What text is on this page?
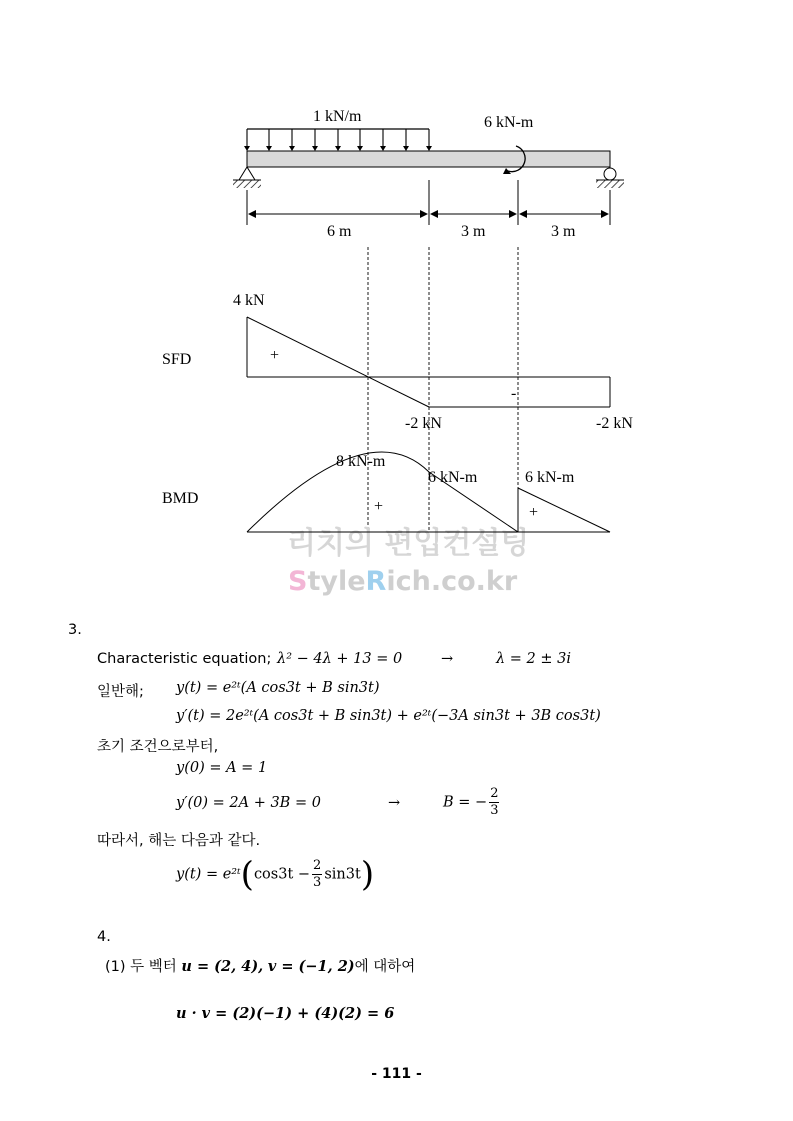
1 kN/m	6 kN-m
6 m	3 m	3 m
SFD
4 kN
+
-
-2 kN	-2 kN
리치의 편입컨설팅
StyleRich.co.kr
BMD
8 kN-m
6 kN-m	6 kN-m
+	+
3.
Characteristic equation; λ² − 4λ + 13 = 0	→	λ = 2 ± 3i
일반해; y(t) = e²ᵗ(A cos3t + B sin3t)
y′(t) = 2e²ᵗ(A cos3t + B sin3t) + e²ᵗ(−3A sin3t + 3B cos3t)
초기 조건으로부터,
y(0) = A = 1
y′(0) = 2A + 3B = 0	→	B = − $\frac{2}{3}$
따라서, 해는 다음과 같다.
y(t) = e²ᵗ(cos3t − $\frac{2}{3} \sin 3t$)
4.
(1) 두 벡터 u = (2, 4), v = (−1, 2)에 대하여
u · v = (2)(−1) + (4)(2) = 6
- 111 -
